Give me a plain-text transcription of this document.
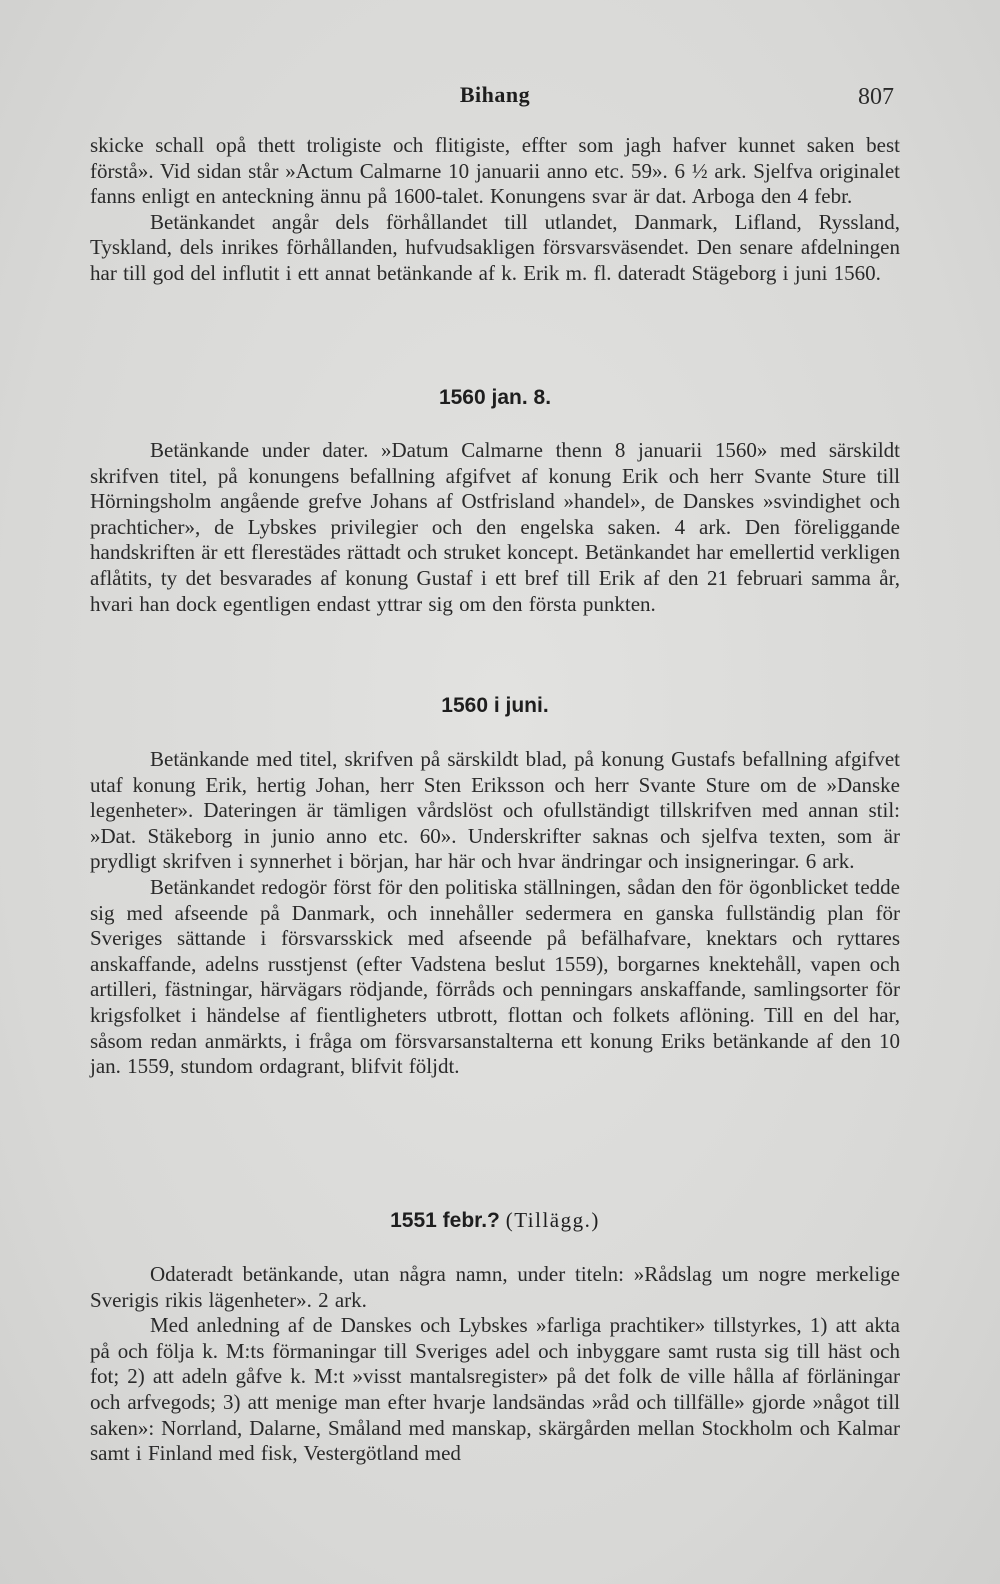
Bihang	807

skicke schall opå thett troligiste och flitigiste, effter som jagh hafver kunnet saken best förstå». Vid sidan står »Actum Calmarne 10 januarii anno etc. 59». 6 ½ ark. Sjelfva originalet fanns enligt en anteckning ännu på 1600-talet. Konungens svar är dat. Arboga den 4 febr.

Betänkandet angår dels förhållandet till utlandet, Danmark, Lifland, Ryssland, Tyskland, dels inrikes förhållanden, hufvudsakligen försvarsväsendet. Den senare afdelningen har till god del influtit i ett annat betänkande af k. Erik m. fl. dateradt Stägeborg i juni 1560.

1560 jan. 8.

Betänkande under dater. »Datum Calmarne thenn 8 januarii 1560» med särskildt skrifven titel, på konungens befallning afgifvet af konung Erik och herr Svante Sture till Hörningsholm angående grefve Johans af Ostfrisland »handel», de Danskes »svindighet och prachticher», de Lybskes privilegier och den engelska saken. 4 ark. Den föreliggande handskriften är ett flerestädes rättadt och struket koncept. Betänkandet har emellertid verkligen aflåtits, ty det besvarades af konung Gustaf i ett bref till Erik af den 21 februari samma år, hvari han dock egentligen endast yttrar sig om den första punkten.

1560 i juni.

Betänkande med titel, skrifven på särskildt blad, på konung Gustafs befallning afgifvet utaf konung Erik, hertig Johan, herr Sten Eriksson och herr Svante Sture om de »Danske legenheter». Dateringen är tämligen vårdslöst och ofullständigt tillskrifven med annan stil: »Dat. Stäkeborg in junio anno etc. 60». Underskrifter saknas och sjelfva texten, som är prydligt skrifven i synnerhet i början, har här och hvar ändringar och insigneringar. 6 ark.

Betänkandet redogör först för den politiska ställningen, sådan den för ögonblicket tedde sig med afseende på Danmark, och innehåller sedermera en ganska fullständig plan för Sveriges sättande i försvarsskick med afseende på befälhafvare, knektars och ryttares anskaffande, adelns russtjenst (efter Vadstena beslut 1559), borgarnes knektehåll, vapen och artilleri, fästningar, härvägars rödjande, förråds och penningars anskaffande, samlingsorter för krigsfolket i händelse af fientligheters utbrott, flottan och folkets aflöning. Till en del har, såsom redan anmärkts, i fråga om försvarsanstalterna ett konung Eriks betänkande af den 10 jan. 1559, stundom ordagrant, blifvit följdt.

1551 febr.? (Tillägg.)

Odateradt betänkande, utan några namn, under titeln: »Rådslag um nogre merkelige Sverigis rikis lägenheter». 2 ark.

Med anledning af de Danskes och Lybskes »farliga prachtiker» tillstyrkes, 1) att akta på och följa k. M:ts förmaningar till Sveriges adel och inbyggare samt rusta sig till häst och fot; 2) att adeln gåfve k. M:t »visst mantalsregister» på det folk de ville hålla af förläningar och arfvegods; 3) att menige man efter hvarje landsändas »råd och tillfälle» gjorde »något till saken»: Norrland, Dalarne, Småland med manskap, skärgården mellan Stockholm och Kalmar samt i Finland med fisk, Vestergötland med
